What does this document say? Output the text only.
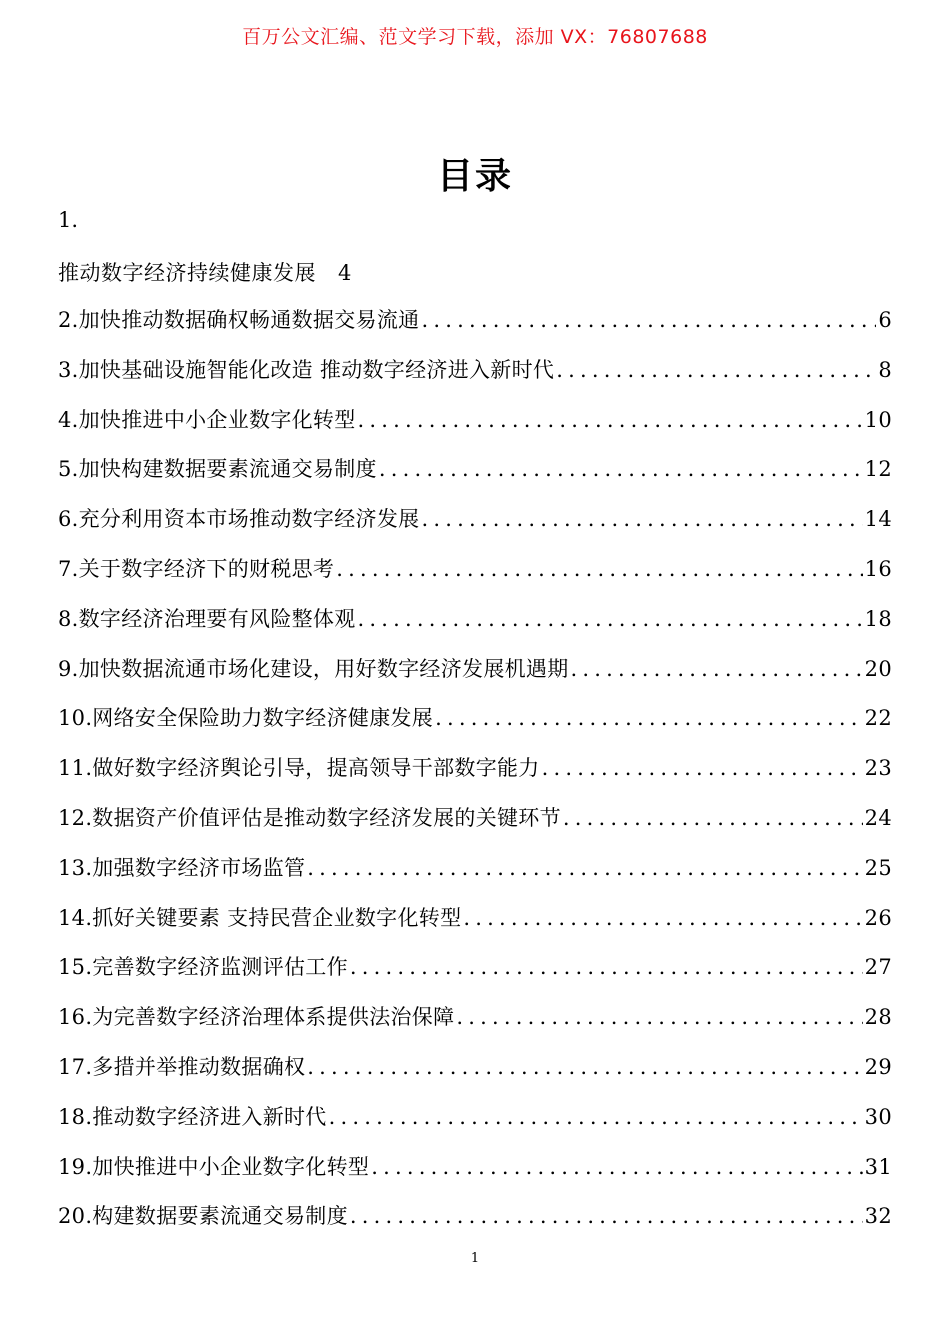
百万公文汇编、范文学习下载，添加 VX：76807688
目录
1.
推动数字经济持续健康发展 4
2.加快推动数据确权畅通数据交易流通 .....	6
3.加快基础设施智能化改造 推动数字经济进入新时代 .....	8
4.加快推进中小企业数字化转型 .....	10
5.加快构建数据要素流通交易制度 .....	12
6.充分利用资本市场推动数字经济发展 .....	14
7.关于数字经济下的财税思考 .....	16
8.数字经济治理要有风险整体观 .....	18
9.加快数据流通市场化建设，用好数字经济发展机遇期 .....	20
10.网络安全保险助力数字经济健康发展 .....	22
11.做好数字经济舆论引导，提高领导干部数字能力 .....	23
12.数据资产价值评估是推动数字经济发展的关键环节 .....	24
13.加强数字经济市场监管 .....	25
14.抓好关键要素 支持民营企业数字化转型 .....	26
15.完善数字经济监测评估工作 .....	27
16.为完善数字经济治理体系提供法治保障 .....	28
17.多措并举推动数据确权 .....	29
18.推动数字经济进入新时代 .....	30
19.加快推进中小企业数字化转型 .....	31
20.构建数据要素流通交易制度 .....	32
1
